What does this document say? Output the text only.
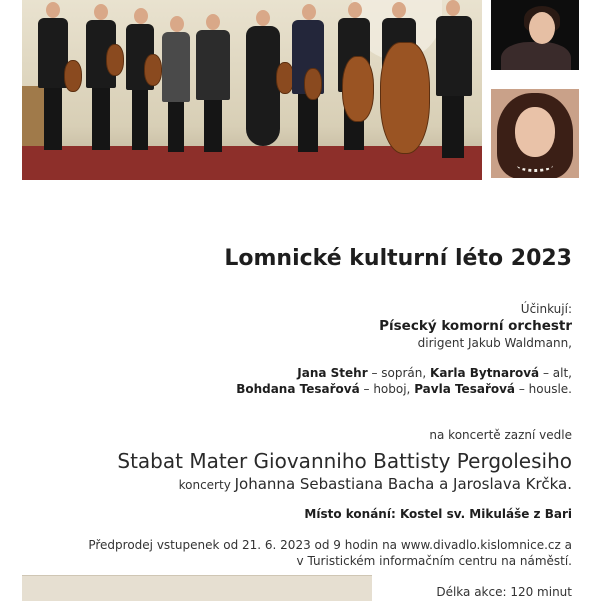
Lomnické kulturní léto 2023
Účinkují:
Písecký komorní orchestr
dirigent Jakub Waldmann,
Jana Stehr – soprán, Karla Bytnarová – alt,
Bohdana Tesařová – hoboj, Pavla Tesařová – housle.
na koncertě zazní vedle
Stabat Mater Giovanniho Battisty Pergolesiho
koncerty Johanna Sebastiana Bacha a Jaroslava Krčka.
Místo konání: Kostel sv. Mikuláše z Bari
Předprodej vstupenek od 21. 6. 2023 od 9 hodin na www.divadlo.kislomnice.cz a
v Turistickém informačním centru na náměstí.
Délka akce: 120 minut
